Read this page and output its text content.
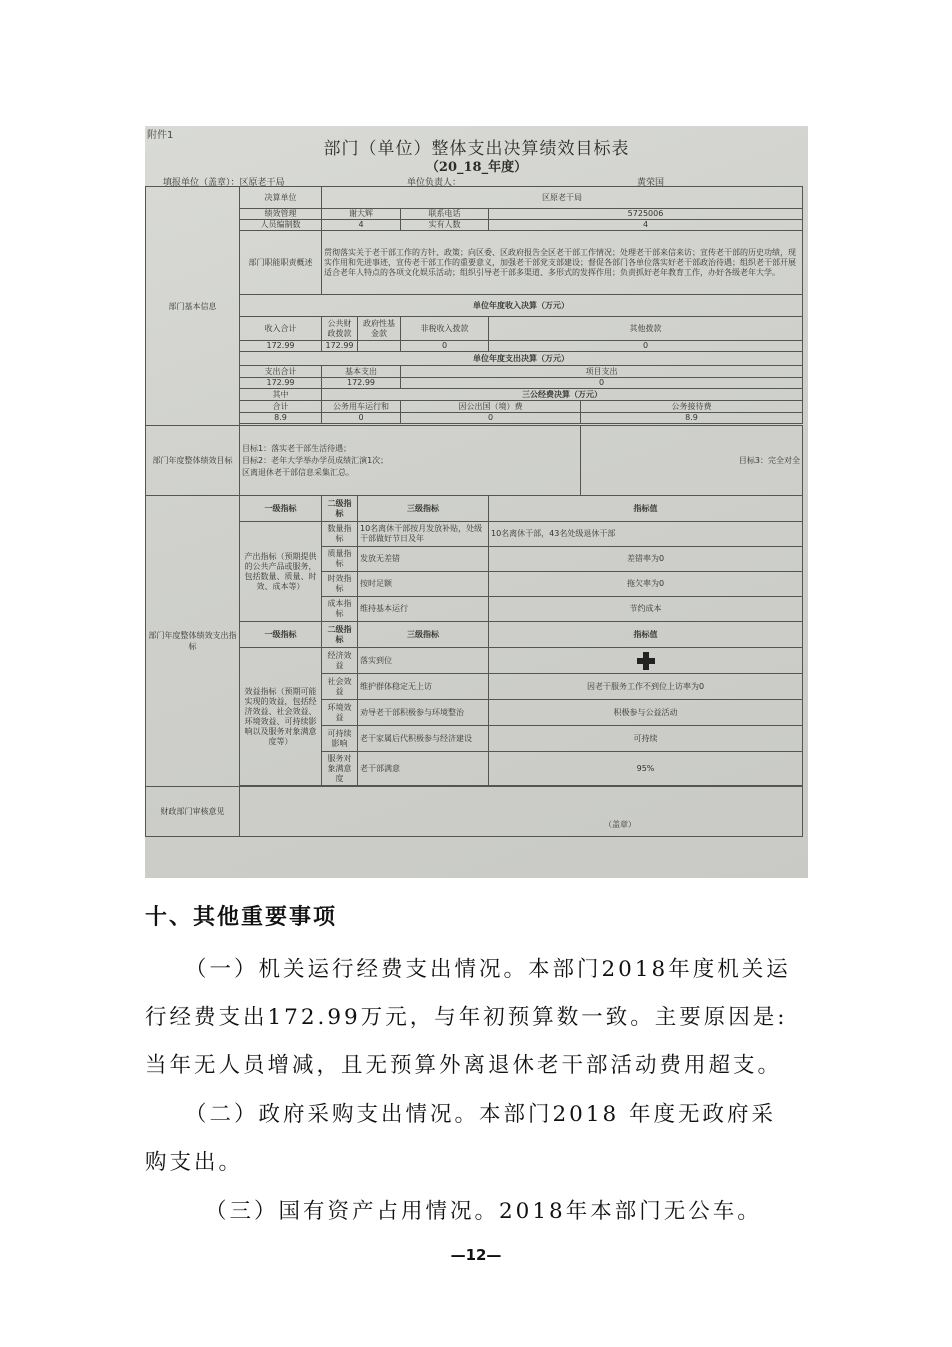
附件1
部门（单位）整体支出决算绩效目标表
（20_18_年度）
填报单位（盖章）：区原老干局	单位负责人：	黄荣国
部门基本信息	决算单位	区原老干局				
	绩效管理	谢大辉		联系电话	5725006	
	人员编制数	4		实有人数	4	
	部门职能职责概述	贯彻落实关于老干部工作的方针、政策；向区委、区政府报告全区老干部工作情况；处理老干部来信来访；宣传老干部的历史功绩，现实作用和先进事迹，宣传老干部工作的重要意义，加强老干部党支部建设；督促各部门各单位落实好老干部政治待遇；组织老干部开展适合老年人特点的各项文化娱乐活动；组织引导老干部多渠道、多形式的发挥作用；负责抓好老年教育工作，办好各级老年大学。				
	单位年度收入决算（万元）					
	收入合计	公共财政拨款	政府性基金款	非税收入拨款	其他拨款	
	172.99	172.99		0	0	
	单位年度支出决算（万元）					
	支出合计	基本支出		项目支出		
	172.99	172.99		0		
	其中	三公经费决算（万元）				
	合计	公务用车运行和		因公出国（境）费		公务接待费
	8.9	0		0		8.9

部门年度整体绩效目标	目标1：落实老干部生活待遇；
目标2：老年大学举办学员成绩汇演1次；
区离退休老干部信息采集汇总。					目标3：完全对全
部门年度整体绩效支出指标	一级指标	二级指标	三级指标		指标值	
	产出指标（预期提供的公共产品或服务，包括数量、质量、时效、成本等）	数量指标	10名离休干部按月发放补贴，处级干部做好节日及年		10名离休干部，43名处级退休干部	
		质量指标	发放无差错		差错率为0	
		时效指标	按时足额		拖欠率为0	
		成本指标	维持基本运行		节约成本	
	一级指标	二级指标	三级指标		指标值	
	效益指标（预期可能实现的效益，包括经济效益、社会效益、环境效益、可持续影响以及服务对象满意度等）	经济效益	落实到位			
		社会效益	维护群体稳定无上访		因老干服务工作不到位上访率为0	
		环境效益	劝导老干部积极参与环境整治		积极参与公益活动	
		可持续影响	老干家属后代积极参与经济建设		可持续	
		服务对象满意度	老干部满意		95%	

财政部门审核意见	（盖章）					
十、其他重要事项
（一）机关运行经费支出情况。本部门2018年度机关运
行经费支出172.99万元，与年初预算数一致。主要原因是:
当年无人员增减，且无预算外离退休老干部活动费用超支。
（二）政府采购支出情况。本部门2018 年度无政府采
购支出。
（三）国有资产占用情况。2018年本部门无公车。
—12—
